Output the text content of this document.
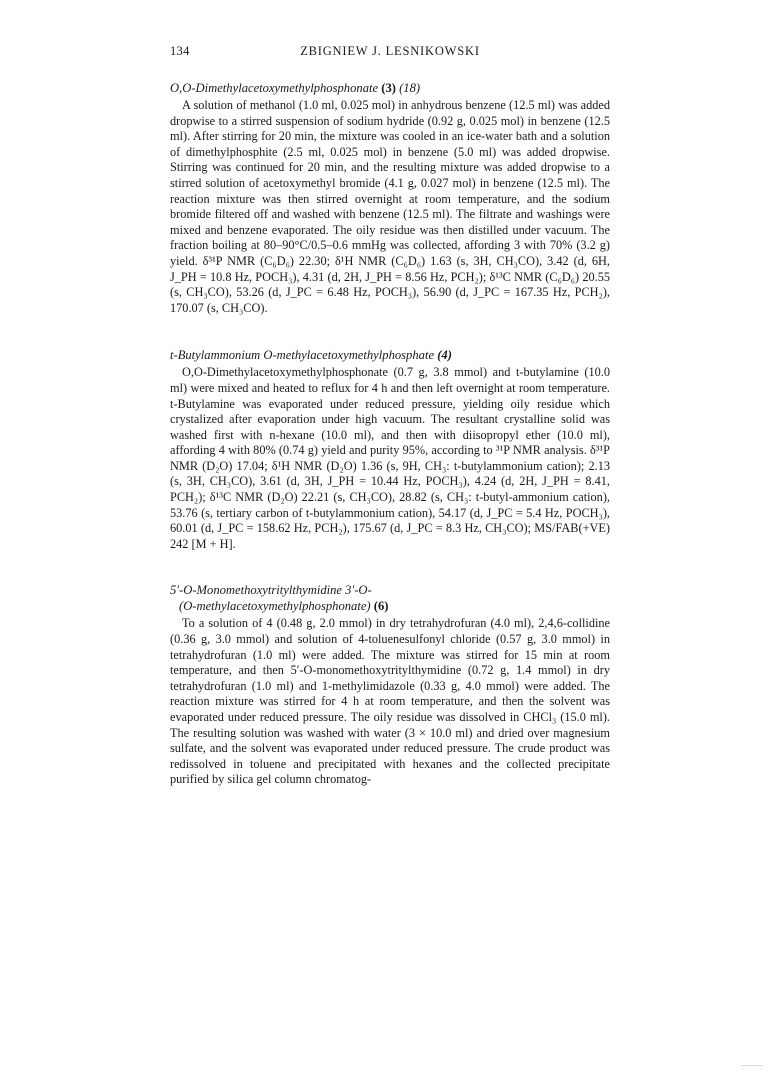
134	ZBIGNIEW J. LESNIKOWSKI

O,O-Dimethylacetoxymethylphosphonate (3) (18)

A solution of methanol (1.0 ml, 0.025 mol) in anhydrous benzene (12.5 ml) was added dropwise to a stirred suspension of sodium hydride (0.92 g, 0.025 mol) in benzene (12.5 ml). After stirring for 20 min, the mixture was cooled in an ice-water bath and a solution of dimethylphosphite (2.5 ml, 0.025 mol) in benzene (5.0 ml) was added dropwise. Stirring was continued for 20 min, and the resulting mixture was added dropwise to a stirred solution of acetoxymethyl bromide (4.1 g, 0.027 mol) in benzene (12.5 ml). The reaction mixture was then stirred overnight at room temperature, and the sodium bromide filtered off and washed with benzene (12.5 ml). The filtrate and washings were mixed and benzene evaporated. The oily residue was then distilled under vacuum. The fraction boiling at 80–90°C/0.5–0.6 mmHg was collected, affording 3 with 70% (3.2 g) yield. δ³¹P NMR (C₆D₆) 22.30; δ¹H NMR (C₆D₆) 1.63 (s, 3H, CH₃CO), 3.42 (d, 6H, J_PH = 10.8 Hz, POCH₃), 4.31 (d, 2H, J_PH = 8.56 Hz, PCH₂); δ¹³C NMR (C₆D₆) 20.55 (s, CH₃CO), 53.26 (d, J_PC = 6.48 Hz, POCH₃), 56.90 (d, J_PC = 167.35 Hz, PCH₂), 170.07 (s, CH₃CO).

t-Butylammonium O-methylacetoxymethylphosphate (4)

O,O-Dimethylacetoxymethylphosphonate (0.7 g, 3.8 mmol) and t-butylamine (10.0 ml) were mixed and heated to reflux for 4 h and then left overnight at room temperature. t-Butylamine was evaporated under reduced pressure, yielding oily residue which crystalized after evaporation under high vacuum. The resultant crystalline solid was washed first with n-hexane (10.0 ml), and then with diisopropyl ether (10.0 ml), affording 4 with 80% (0.74 g) yield and purity 95%, according to ³¹P NMR analysis. δ³¹P NMR (D₂O) 17.04; δ¹H NMR (D₂O) 1.36 (s, 9H, CH₃: t-butylammonium cation); 2.13 (s, 3H, CH₃CO), 3.61 (d, 3H, J_PH = 10.44 Hz, POCH₃), 4.24 (d, 2H, J_PH = 8.41, PCH₂); δ¹³C NMR (D₂O) 22.21 (s, CH₃CO), 28.82 (s, CH₃: t-butyl-ammonium cation), 53.76 (s, tertiary carbon of t-butylammonium cation), 54.17 (d, J_PC = 5.4 Hz, POCH₃), 60.01 (d, J_PC = 158.62 Hz, PCH₂), 175.67 (d, J_PC = 8.3 Hz, CH₃CO); MS/FAB(+VE) 242 [M + H].

5′-O-Monomethoxytritylthymidine 3′-O-

(O-methylacetoxymethylphosphonate) (6)

To a solution of 4 (0.48 g, 2.0 mmol) in dry tetrahydrofuran (4.0 ml), 2,4,6-collidine (0.36 g, 3.0 mmol) and solution of 4-toluenesulfonyl chloride (0.57 g, 3.0 mmol) in tetrahydrofuran (1.0 ml) were added. The mixture was stirred for 15 min at room temperature, and then 5′-O-monomethoxytritylthymidine (0.72 g, 1.4 mmol) in dry tetrahydrofuran (1.0 ml) and 1-methylimidazole (0.33 g, 4.0 mmol) were added. The reaction mixture was stirred for 4 h at room temperature, and then the solvent was evaporated under reduced pressure. The oily residue was dissolved in CHCl₃ (15.0 ml). The resulting solution was washed with water (3 × 10.0 ml) and dried over magnesium sulfate, and the solvent was evaporated under reduced pressure. The crude product was redissolved in toluene and precipitated with hexanes and the collected precipitate purified by silica gel column chromatog-
